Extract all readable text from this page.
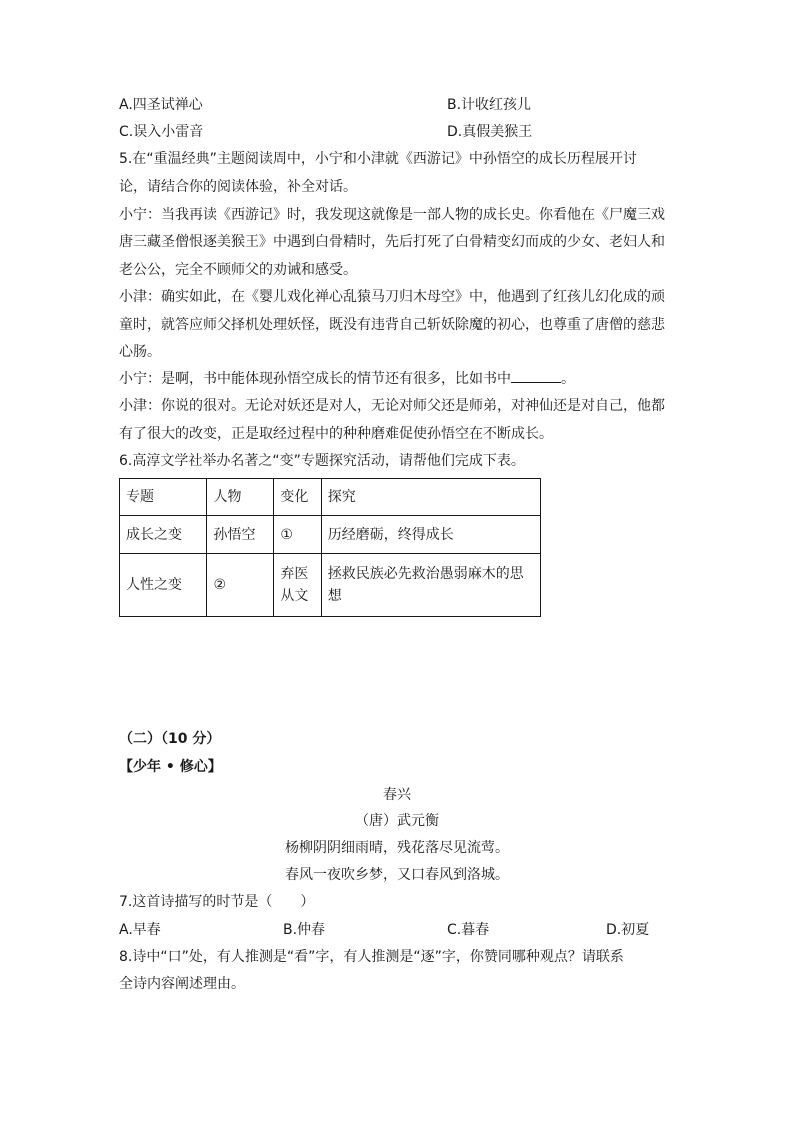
A.四圣试禅心	B.计收红孩儿
C.误入小雷音	D.真假美猴王
5.在“重温经典”主题阅读周中，小宁和小津就《西游记》中孙悟空的成长历程展开讨
论，请结合你的阅读体验，补全对话。
小宁：当我再读《西游记》时，我发现这就像是一部人物的成长史。你看他在《尸魔三戏
唐三藏圣僧恨逐美猴王》中遇到白骨精时，先后打死了白骨精变幻而成的少女、老妇人和
老公公，完全不顾师父的劝诫和感受。
小津：确实如此，在《婴儿戏化禅心乱猿马刀归木母空》中，他遇到了红孩儿幻化成的顽
童时，就答应师父择机处理妖怪，既没有违背自己斩妖除魔的初心，也尊重了唐僧的慈悲
心肠。
小宁：是啊，书中能体现孙悟空成长的情节还有很多，比如书中	。
小津：你说的很对。无论对妖还是对人，无论对师父还是师弟，对神仙还是对自己，他都
有了很大的改变，正是取经过程中的种种磨难促使孙悟空在不断成长。
6.高淳文学社举办名著之“变”专题探究活动，请帮他们完成下表。
专题	人物	变化	探究
成长之变	孙悟空	①	历经磨砺，终得成长
人性之变	②	弃医从文	拯救民族必先救治愚弱麻木的思想
（二）（10 分）
【少年 • 修心】
春兴
（唐）武元衡
杨柳阴阴细雨晴，残花落尽见流莺。
春风一夜吹乡梦，又口春风到洛城。
7.这首诗描写的时节是（　　）
A.早春	B.仲春	C.暮春	D.初夏
8.诗中“口”处，有人推测是“看”字，有人推测是“逐”字，你赞同哪种观点？请联系
全诗内容阐述理由。
